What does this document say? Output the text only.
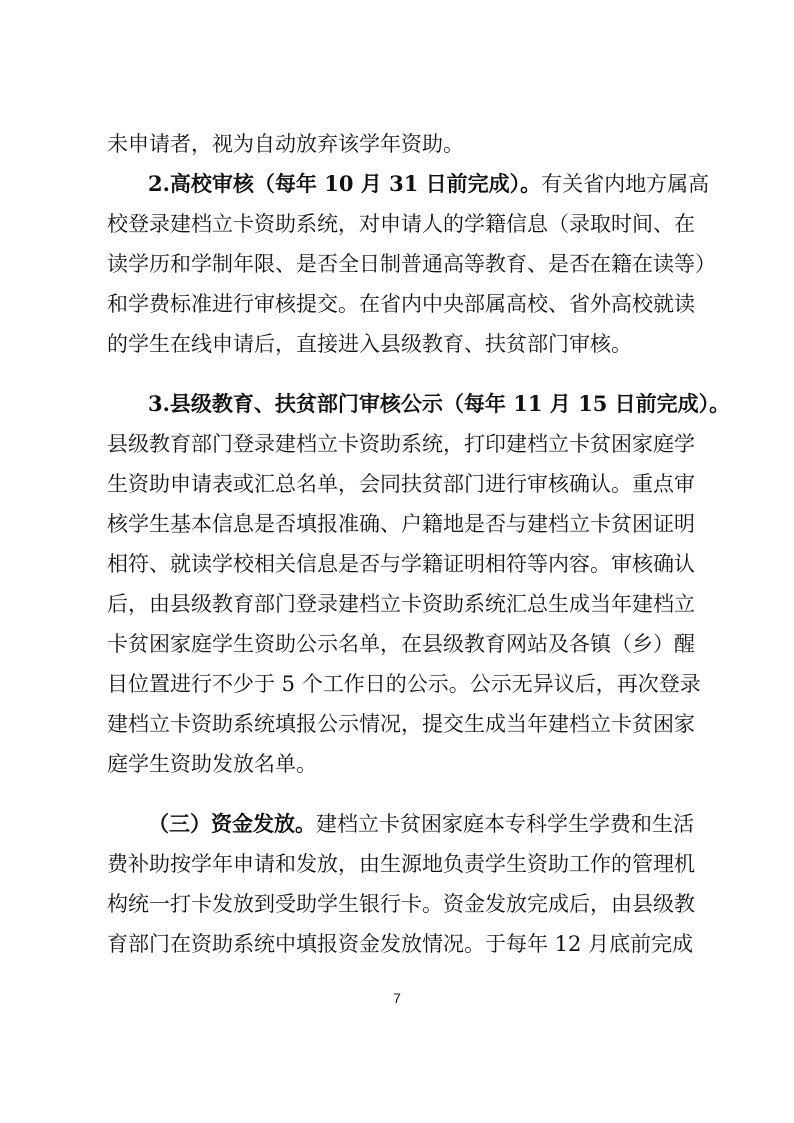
未申请者，视为自动放弃该学年资助。
2.高校审核（每年 10 月 31 日前完成）。有关省内地方属高
校登录建档立卡资助系统，对申请人的学籍信息（录取时间、在
读学历和学制年限、是否全日制普通高等教育、是否在籍在读等）
和学费标准进行审核提交。在省内中央部属高校、省外高校就读
的学生在线申请后，直接进入县级教育、扶贫部门审核。
3.县级教育、扶贫部门审核公示（每年 11 月 15 日前完成）。
县级教育部门登录建档立卡资助系统，打印建档立卡贫困家庭学
生资助申请表或汇总名单，会同扶贫部门进行审核确认。重点审
核学生基本信息是否填报准确、户籍地是否与建档立卡贫困证明
相符、就读学校相关信息是否与学籍证明相符等内容。审核确认
后，由县级教育部门登录建档立卡资助系统汇总生成当年建档立
卡贫困家庭学生资助公示名单，在县级教育网站及各镇（乡）醒
目位置进行不少于 5 个工作日的公示。公示无异议后，再次登录
建档立卡资助系统填报公示情况，提交生成当年建档立卡贫困家
庭学生资助发放名单。
（三）资金发放。建档立卡贫困家庭本专科学生学费和生活
费补助按学年申请和发放，由生源地负责学生资助工作的管理机
构统一打卡发放到受助学生银行卡。资金发放完成后，由县级教
育部门在资助系统中填报资金发放情况。于每年 12 月底前完成
7
